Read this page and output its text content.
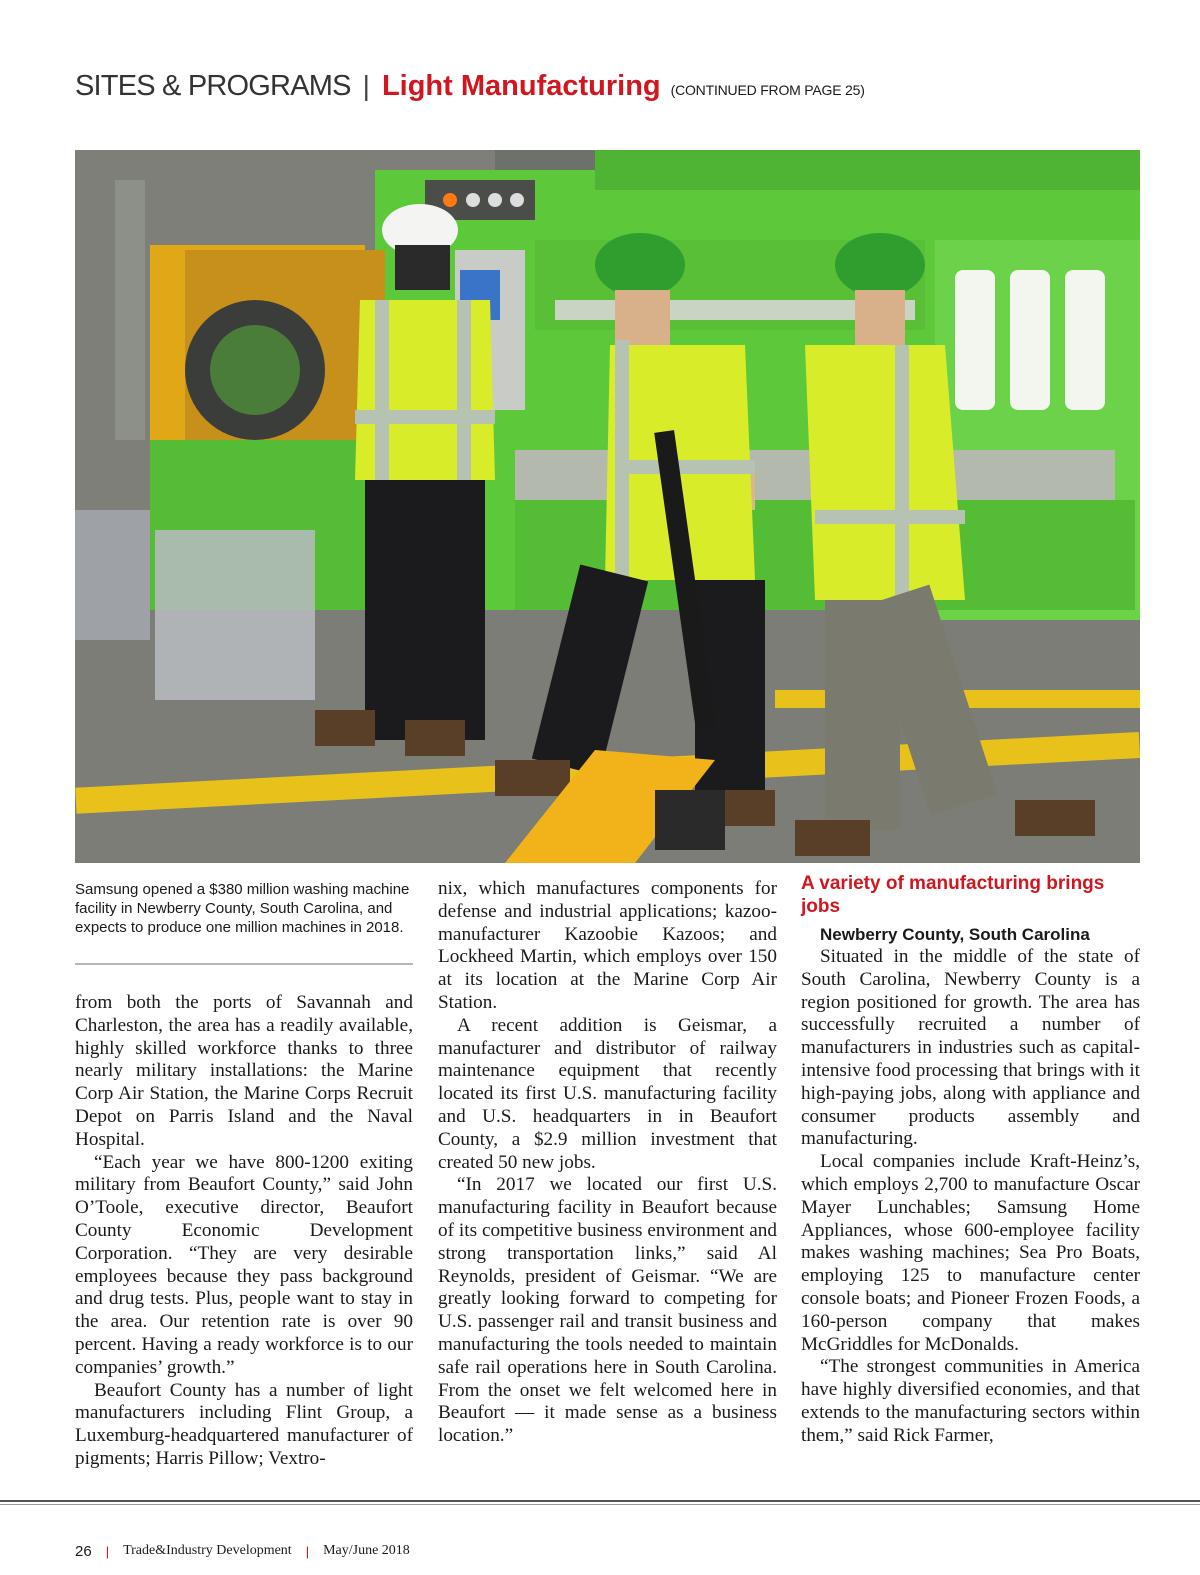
SITES & PROGRAMS | Light Manufacturing (CONTINUED FROM PAGE 25)
Samsung opened a $380 million washing machine facility in Newberry County, South Carolina, and expects to produce one million machines in 2018.

from both the ports of Savannah and Charleston, the area has a readily available, highly skilled workforce thanks to three nearly military installations: the Marine Corp Air Station, the Marine Corps Recruit Depot on Parris Island and the Naval Hospital.

“Each year we have 800-1200 exiting military from Beaufort County,” said John O’Toole, executive director, Beaufort County Economic Development Corporation. “They are very desirable employees because they pass background and drug tests. Plus, people want to stay in the area. Our retention rate is over 90 percent. Having a ready workforce is to our companies’ growth.”

Beaufort County has a number of light manufacturers including Flint Group, a Luxemburg-headquartered manufacturer of pigments; Harris Pillow; Vextro-

nix, which manufactures components for defense and industrial applications; kazoo-manufacturer Kazoobie Kazoos; and Lockheed Martin, which employs over 150 at its location at the Marine Corp Air Station.

A recent addition is Geismar, a manufacturer and distributor of railway maintenance equipment that recently located its first U.S. manufacturing facility and U.S. headquarters in in Beaufort County, a $2.9 million investment that created 50 new jobs.

“In 2017 we located our first U.S. manufacturing facility in Beaufort because of its competitive business environment and strong transportation links,” said Al Reynolds, president of Geismar. “We are greatly looking forward to competing for U.S. passenger rail and transit business and manufacturing the tools needed to maintain safe rail operations here in South Carolina. From the onset we felt welcomed here in Beaufort — it made sense as a business location.”

A variety of manufacturing brings jobs

Newberry County, South Carolina

Situated in the middle of the state of South Carolina, Newberry County is a region positioned for growth. The area has successfully recruited a number of manufacturers in industries such as capital-intensive food processing that brings with it high-paying jobs, along with appliance and consumer products assembly and manufacturing.

Local companies include Kraft-Heinz’s, which employs 2,700 to manufacture Oscar Mayer Lunchables; Samsung Home Appliances, whose 600-employee facility makes washing machines; Sea Pro Boats, employing 125 to manufacture center console boats; and Pioneer Frozen Foods, a 160-person company that makes McGriddles for McDonalds.

“The strongest communities in America have highly diversified economies, and that extends to the manufacturing sectors within them,” said Rick Farmer,

26 | Trade&Industry Development | May/June 2018
